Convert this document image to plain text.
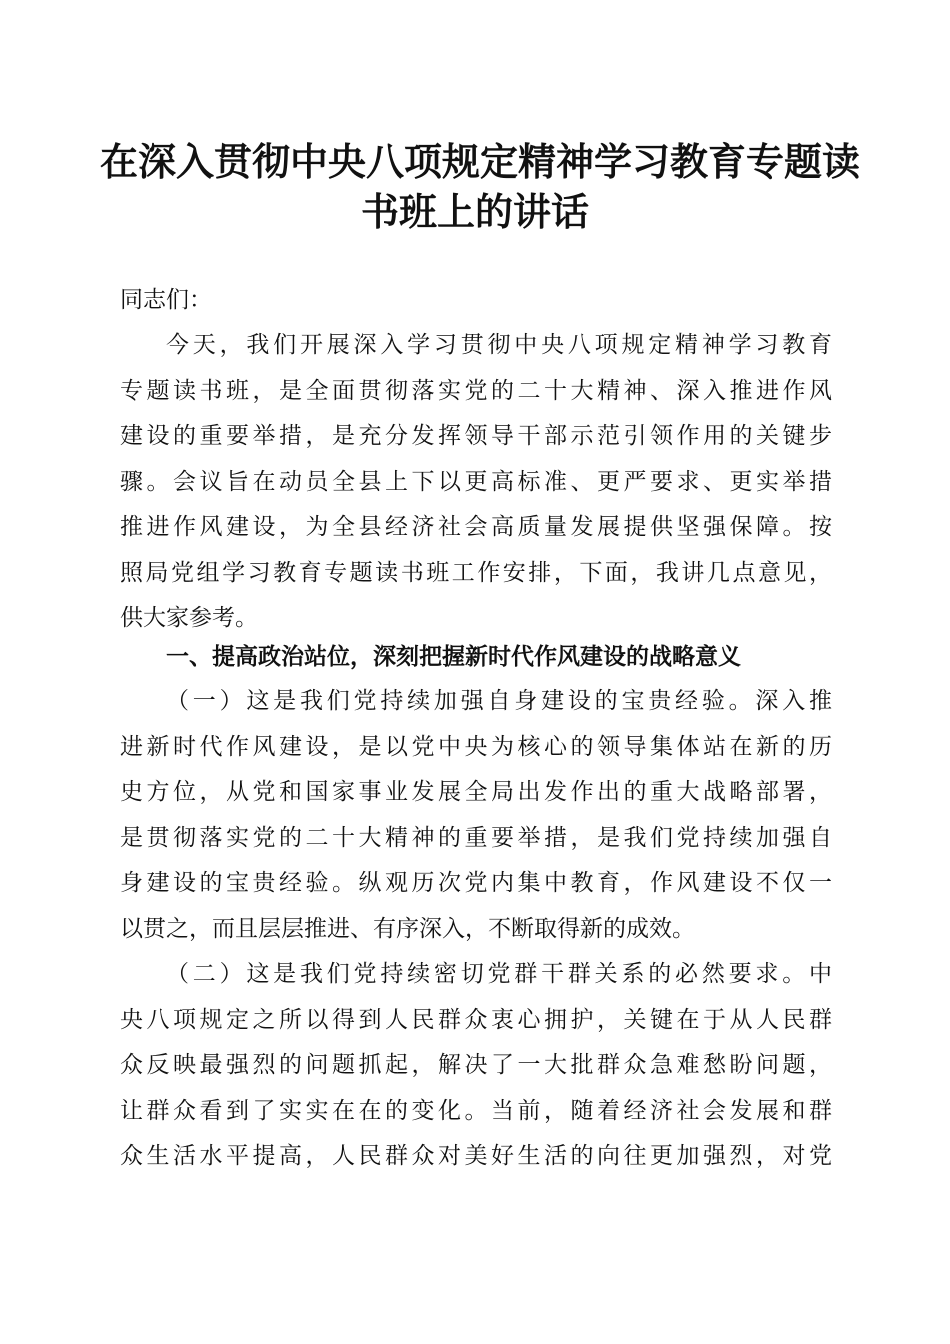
在深入贯彻中央八项规定精神学习教育专题读
书班上的讲话

同志们：

今天，我们开展深入学习贯彻中央八项规定精神学习教育

专题读书班，是全面贯彻落实党的二十大精神、深入推进作风

建设的重要举措，是充分发挥领导干部示范引领作用的关键步

骤。会议旨在动员全县上下以更高标准、更严要求、更实举措

推进作风建设，为全县经济社会高质量发展提供坚强保障。按

照局党组学习教育专题读书班工作安排，下面，我讲几点意见，

供大家参考。

一、提高政治站位，深刻把握新时代作风建设的战略意义

（一）这是我们党持续加强自身建设的宝贵经验。深入推

进新时代作风建设，是以党中央为核心的领导集体站在新的历

史方位，从党和国家事业发展全局出发作出的重大战略部署，

是贯彻落实党的二十大精神的重要举措，是我们党持续加强自

身建设的宝贵经验。纵观历次党内集中教育，作风建设不仅一

以贯之，而且层层推进、有序深入，不断取得新的成效。

（二）这是我们党持续密切党群干群关系的必然要求。中

央八项规定之所以得到人民群众衷心拥护，关键在于从人民群

众反映最强烈的问题抓起，解决了一大批群众急难愁盼问题，

让群众看到了实实在在的变化。当前，随着经济社会发展和群

众生活水平提高，人民群众对美好生活的向往更加强烈，对党
